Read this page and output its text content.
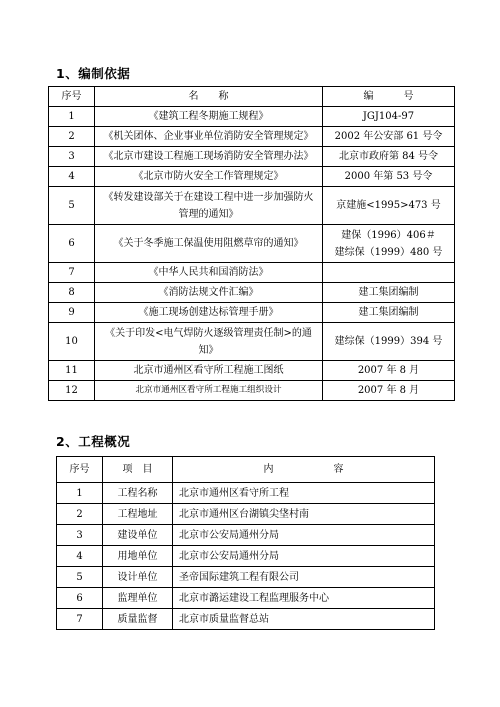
1、编制依据
序号	名　　称	编　　　号
1	《建筑工程冬期施工规程》	JGJ104-97
2	《机关团体、企业事业单位消防安全管理规定》	2002 年公安部 61 号令
3	《北京市建设工程施工现场消防安全管理办法》	北京市政府第 84 号令
4	《北京市防火安全工作管理规定》	2000 年第 53 号令
5	《转发建设部关于在建设工程中进一步加强防火管理的通知》	京建施<1995>473 号
6	《关于冬季施工保温使用阻燃草帘的通知》	建保（1996）406＃
建综保（1999）480 号

7	《中华人民共和国消防法》	
8	《消防法规文件汇编》	建工集团编制
9	《施工现场创建达标管理手册》	建工集团编制
10	《关于印发<电气焊防火逐级管理责任制>的通知》	建综保（1999）394 号
11	北京市通州区看守所工程施工图纸	2007 年 8 月
12	北京市通州区看守所工程施工组织设计	2007 年 8 月
2、工程概况
序号	项　目	内　　　　　　容
1	工程名称	北京市通州区看守所工程
2	工程地址	北京市通州区台湖镇尖垡村南
3	建设单位	北京市公安局通州分局
4	用地单位	北京市公安局通州分局
5	设计单位	圣帝国际建筑工程有限公司
6	监理单位	北京市潞运建设工程监理服务中心
7	质量监督	北京市质量监督总站
